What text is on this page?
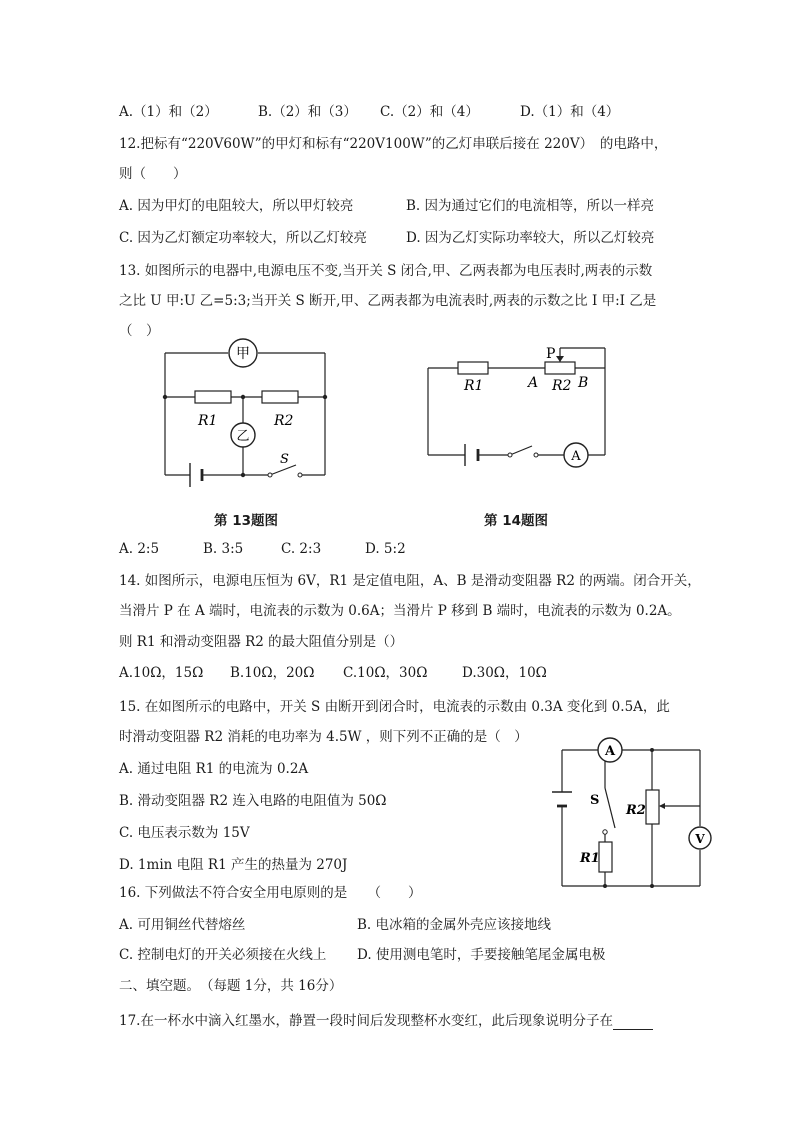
A.（1）和（2）	B.（2）和（3） C.（2）和（4）	D.（1）和（4）
12.把标有“220V60W”的甲灯和标有“220V100W”的乙灯串联后接在 220V）　的电路中，
则（　　）
A. 因为甲灯的电阻较大，所以甲灯较亮	B. 因为通过它们的电流相等，所以一样亮
C. 因为乙灯额定功率较大，所以乙灯较亮	D. 因为乙灯实际功率较大，所以乙灯较亮
13. 如图所示的电器中,电源电压不变,当开关 S 闭合,甲、乙两表都为电压表时,两表的示数
之比 U 甲:U 乙=5:3;当开关 S 断开,甲、乙两表都为电流表时,两表的示数之比 I 甲:I 乙是
（　）
甲
乙
R1	R2
S	A
P
R1	A R2 B
第 13题图	第 14题图
A. 2:5	B. 3:5	C. 2:3	D. 5:2
14. 如图所示，电源电压恒为 6V，R1 是定值电阻，A、B 是滑动变阻器 R2 的两端。闭合开关，
当滑片 P 在 A 端时，电流表的示数为 0.6A；当滑片 P 移到 B 端时，电流表的示数为 0.2A。
则 R1 和滑动变阻器 R2 的最大阻值分别是（）
A.10Ω，15Ω B.10Ω，20Ω C.10Ω，30Ω	D.30Ω，10Ω
15. 在如图所示的电路中，开关 S 由断开到闭合时，电流表的示数由 0.3A 变化到 0.5A，此
时滑动变阻器 R2 消耗的电功率为 4.5W ，则下列不正确的是（　）
A. 通过电阻 R1 的电流为 0.2A
B. 滑动变阻器 R2 连入电路的电阻值为 50Ω
C. 电压表示数为 15V
D. 1min 电阻 R1 产生的热量为 270J
A
V
S
R1
R2
16. 下列做法不符合安全用电原则的是　　（　　）
A. 可用铜丝代替熔丝	B. 电冰箱的金属外壳应该接地线
C. 控制电灯的开关必须接在火线上 D. 使用测电笔时，手要接触笔尾金属电极
二、填空题。　（每题 1分，共 16分）
17.在一杯水中滴入红墨水，静置一段时间后发现整杯水变红，此后现象说明分子在
